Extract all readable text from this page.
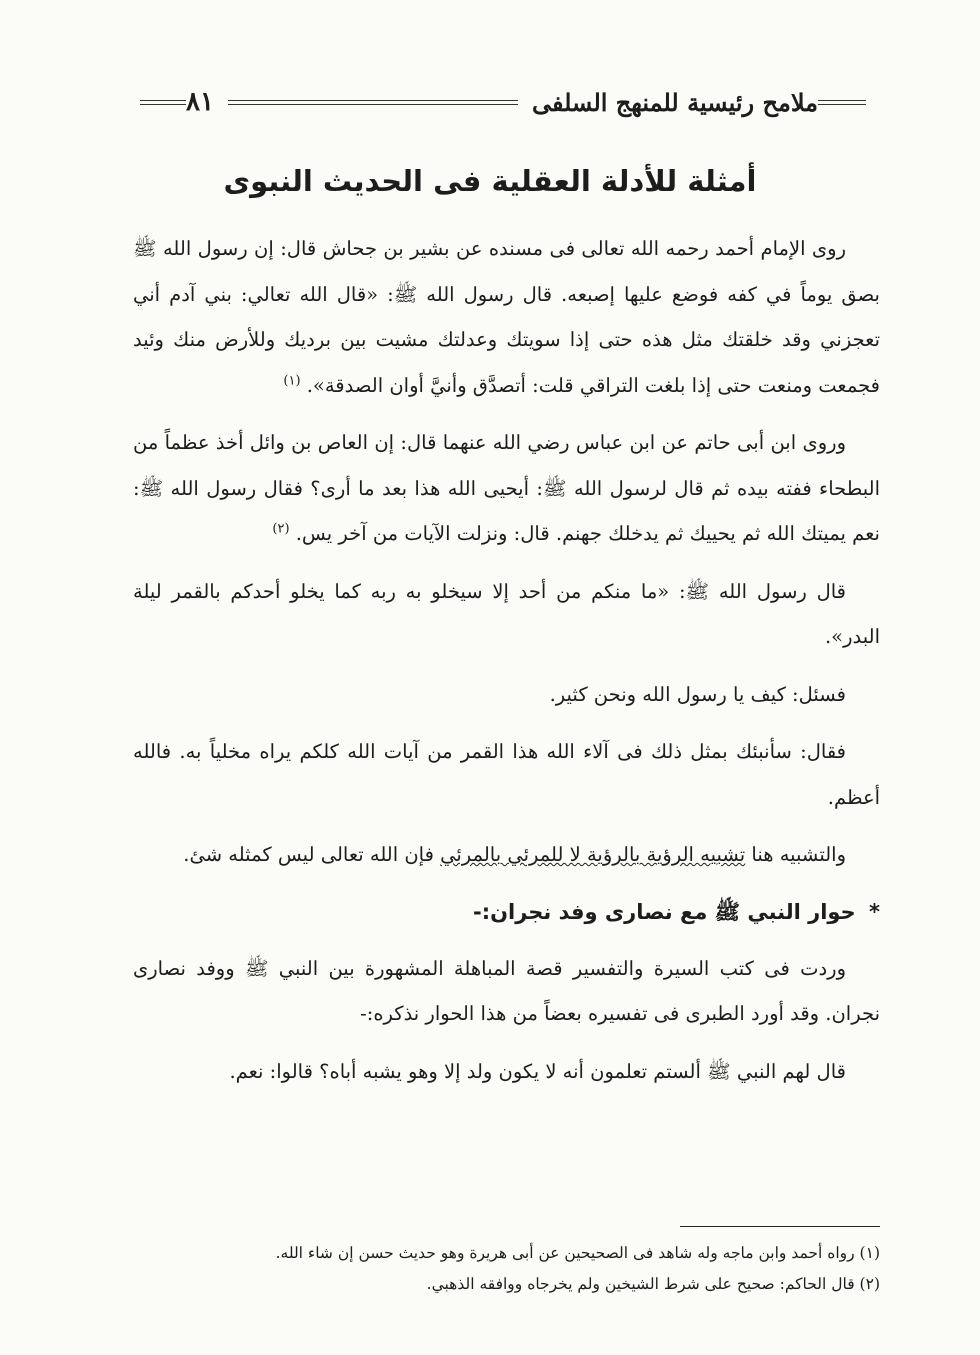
ملامح رئيسية للمنهج السلفى
٨١
أمثلة للأدلة العقلية فى الحديث النبوى

روى الإمام أحمد رحمه الله تعالى فى مسنده عن بشير بن جحاش قال: إن رسول الله ﷺ بصق يوماً في كفه فوضع عليها إصبعه. قال رسول الله ﷺ: «قال الله تعالي: بني آدم أني تعجزني وقد خلقتك مثل هذه حتى إذا سويتك وعدلتك مشيت بين برديك وللأرض منك وئيد فجمعت ومنعت حتى إذا بلغت التراقي قلت: أتصدَّق وأنيَّ أوان الصدقة». $^{(١)}$

وروى ابن أبى حاتم عن ابن عباس رضي الله عنهما قال: إن العاص بن وائل أخذ عظماً من البطحاء ففته بيده ثم قال لرسول الله ﷺ: أيحيى الله هذا بعد ما أرى؟ فقال رسول الله ﷺ: نعم يميتك الله ثم يحييك ثم يدخلك جهنم. قال: ونزلت الآيات من آخر يس. $^{(٢)}$

قال رسول الله ﷺ: «ما منكم من أحد إلا سيخلو به ربه كما يخلو أحدكم بالقمر ليلة البدر».

فسئل: كيف يا رسول الله ونحن كثير.

فقال: سأنبئك بمثل ذلك فى آلاء الله هذا القمر من آيات الله كلكم يراه مخلياً به. فالله أعظم.

والتشبيه هنا تشبيه الرؤية بالرؤية لا للمرئي بالمرئي فإن الله تعالى ليس كمثله شئ.

* حوار النبي ﷺ مع نصارى وفد نجران:-

وردت فى كتب السيرة والتفسير قصة المباهلة المشهورة بين النبي ﷺ ووفد نصارى نجران. وقد أورد الطبرى فى تفسيره بعضاً من هذا الحوار نذكره:-

قال لهم النبي ﷺ ألستم تعلمون أنه لا يكون ولد إلا وهو يشبه أباه؟ قالوا: نعم.

(١) رواه أحمد وابن ماجه وله شاهد فى الصحيحين عن أبى هريرة وهو حديث حسن إن شاء الله.

(٢) قال الحاكم: صحيح على شرط الشيخين ولم يخرجاه ووافقه الذهبي.
